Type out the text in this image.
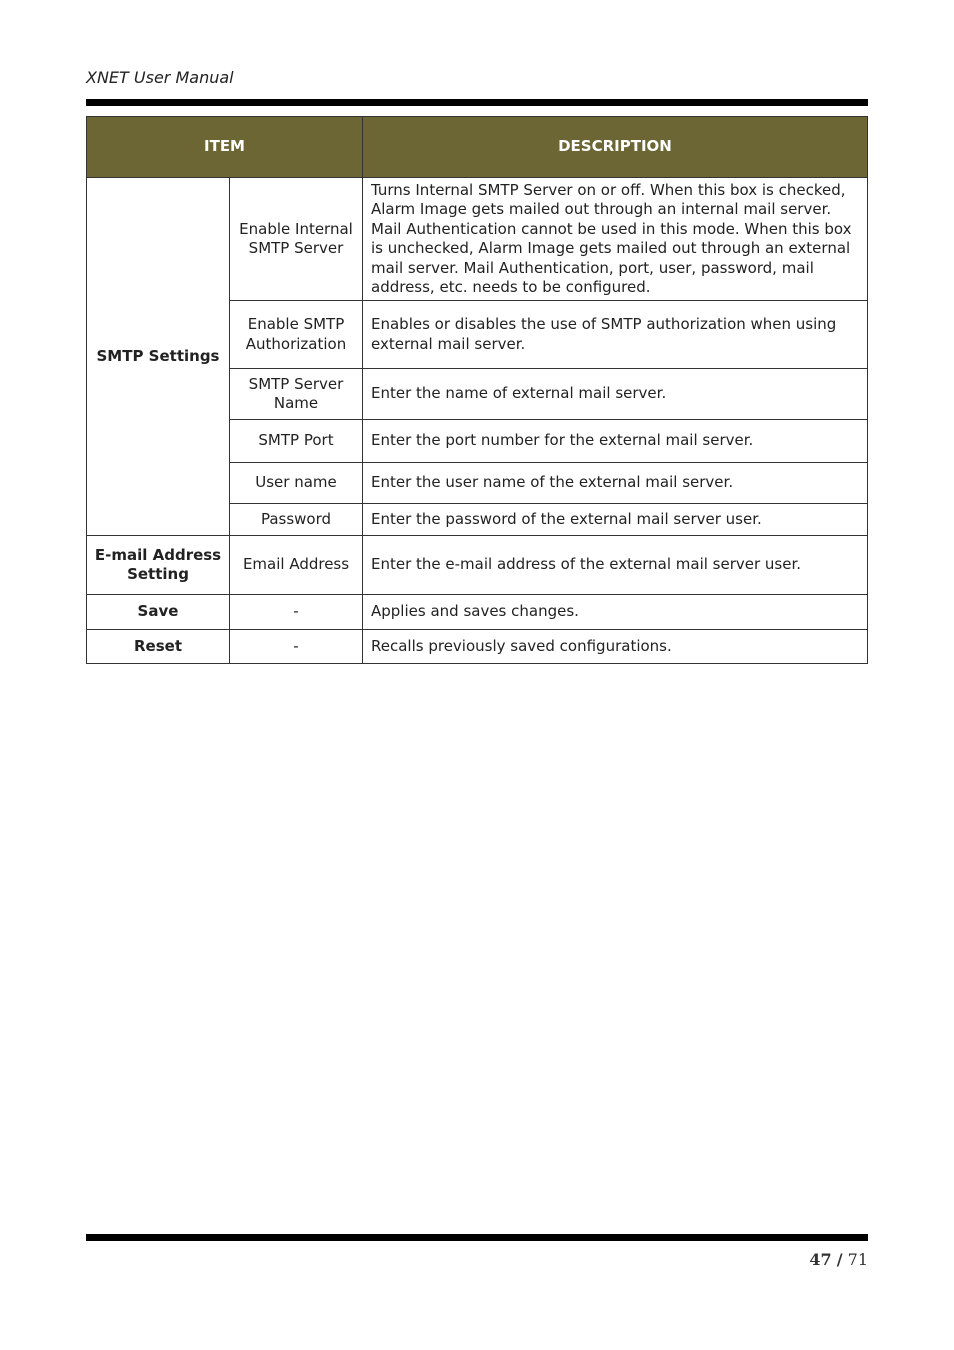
XNET User Manual
ITEM		DESCRIPTION
SMTP Settings	Enable Internal SMTP Server	Turns Internal SMTP Server on or off. When this box is checked, Alarm Image gets mailed out through an internal mail server. Mail Authentication cannot be used in this mode. When this box is unchecked, Alarm Image gets mailed out through an external mail server. Mail Authentication, port, user, password, mail address, etc. needs to be configured.
	Enable SMTP Authorization	Enables or disables the use of SMTP authorization when using external mail server.
	SMTP Server Name	Enter the name of external mail server.
	SMTP Port	Enter the port number for the external mail server.
	User name	Enter the user name of the external mail server.
	Password	Enter the password of the external mail server user.
E-mail Address Setting	Email Address	Enter the e-mail address of the external mail server user.
Save	-	Applies and saves changes.
Reset	-	Recalls previously saved configurations.
47 / 71
